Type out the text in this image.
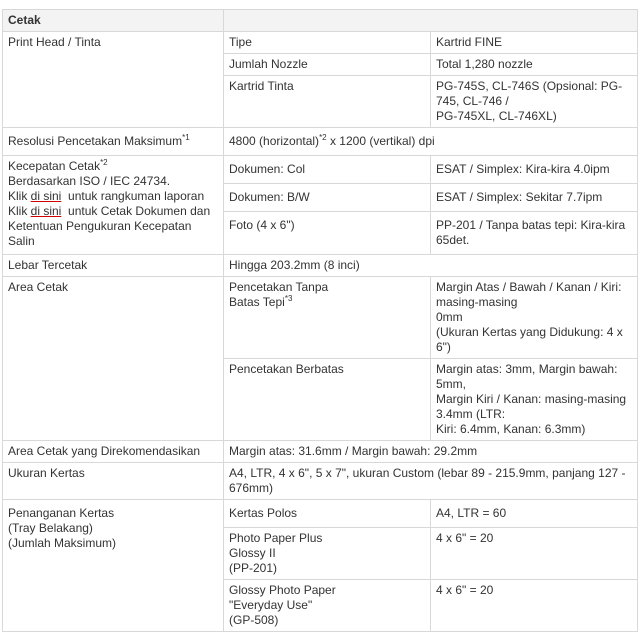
Cetak		
Print Head / Tinta	Tipe	Kartrid FINE
	Jumlah Nozzle	Total 1,280 nozzle
	Kartrid Tinta	PG-745S, CL-746S (Opsional: PG-745, CL-746 /
PG-745XL, CL-746XL)
Resolusi Pencetakan Maksimum$^{*1}$	4800 (horizontal)$^{*2}$ x 1200 (vertikal) dpi	
Kecepatan Cetak$^{*2}$
Berdasarkan ISO / IEC 24734.
Klik di sini  untuk rangkuman laporan
Klik di sini  untuk Cetak Dokumen dan
Ketentuan Pengukuran Kecepatan Salin	Dokumen: Col	ESAT / Simplex: Kira-kira 4.0ipm
	Dokumen: B/W	ESAT / Simplex: Sekitar 7.7ipm
	Foto (4 x 6")	PP-201 / Tanpa batas tepi: Kira-kira 65det.
Lebar Tercetak	Hingga 203.2mm (8 inci)	
Area Cetak	Pencetakan Tanpa
Batas Tepi$^{*3}$	Margin Atas / Bawah / Kanan / Kiri: masing-masing
0mm
(Ukuran Kertas yang Didukung: 4 x 6")
	Pencetakan Berbatas	Margin atas: 3mm, Margin bawah: 5mm,
Margin Kiri / Kanan: masing-masing 3.4mm (LTR:
Kiri: 6.4mm, Kanan: 6.3mm)
Area Cetak yang Direkomendasikan	Margin atas: 31.6mm / Margin bawah: 29.2mm	
Ukuran Kertas	A4, LTR, 4 x 6", 5 x 7", ukuran Custom (lebar 89 - 215.9mm, panjang 127 -
676mm)	
Penanganan Kertas
(Tray Belakang)
(Jumlah Maksimum)	Kertas Polos	A4, LTR = 60
	Photo Paper Plus
Glossy II
(PP-201)	4 x 6" = 20
	Glossy Photo Paper
"Everyday Use"
(GP-508)	4 x 6" = 20
